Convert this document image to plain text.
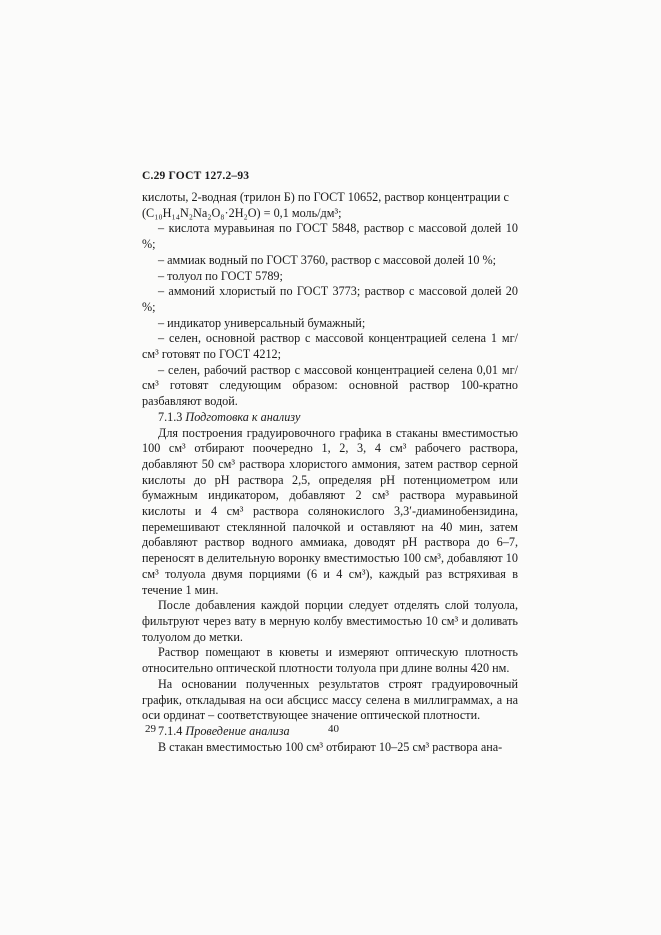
С.29 ГОСТ 127.2–93

кислоты, 2-водная (трилон Б) по ГОСТ 10652, раствор концентрации c

(C₁₀H₁₄N₂Na₂O₈·2H₂O) = 0,1 моль/дм³;

– кислота муравьиная по ГОСТ 5848, раствор с массовой долей 10 %;

– аммиак водный по ГОСТ 3760, раствор с массовой долей 10 %;

– толуол по ГОСТ 5789;

– аммоний хлористый по ГОСТ 3773; раствор с массовой долей 20 %;

– индикатор универсальный бумажный;

– селен, основной раствор с массовой концентрацией селена 1 мг/см³ готовят по ГОСТ 4212;

– селен, рабочий раствор с массовой концентрацией селена 0,01 мг/см³ готовят следующим образом: основной раствор 100-кратно разбавляют водой.

7.1.3 Подготовка к анализу

Для построения градуировочного графика в стаканы вместимостью 100 см³ отбирают поочередно 1, 2, 3, 4 см³ рабочего раствора, добавляют 50 см³ раствора хлористого аммония, затем раствор серной кислоты до pH раствора 2,5, определяя pH потенциометром или бумажным индикатором, добавляют 2 см³ раствора муравьиной кислоты и 4 см³ раствора солянокислого 3,3′-диаминобензидина, перемешивают стеклянной палочкой и оставляют на 40 мин, затем добавляют раствор водного аммиака, доводят pH раствора до 6–7, переносят в делительную воронку вместимостью 100 см³, добавляют 10 см³ толуола двумя порциями (6 и 4 см³), каждый раз встряхивая в течение 1 мин.

После добавления каждой порции следует отделять слой толуола, фильтруют через вату в мерную колбу вместимостью 10 см³ и доливать толуолом до метки.

Раствор помещают в кюветы и измеряют оптическую плотность относительно оптической плотности толуола при длине волны 420 нм.

На основании полученных результатов строят градуировочный график, откладывая на оси абсцисс массу селена в миллиграммах, а на оси ординат – соответствующее значение оптической плотности.

7.1.4 Проведение анализа

В стакан вместимостью 100 см³ отбирают 10–25 см³ раствора ана-

29	40
